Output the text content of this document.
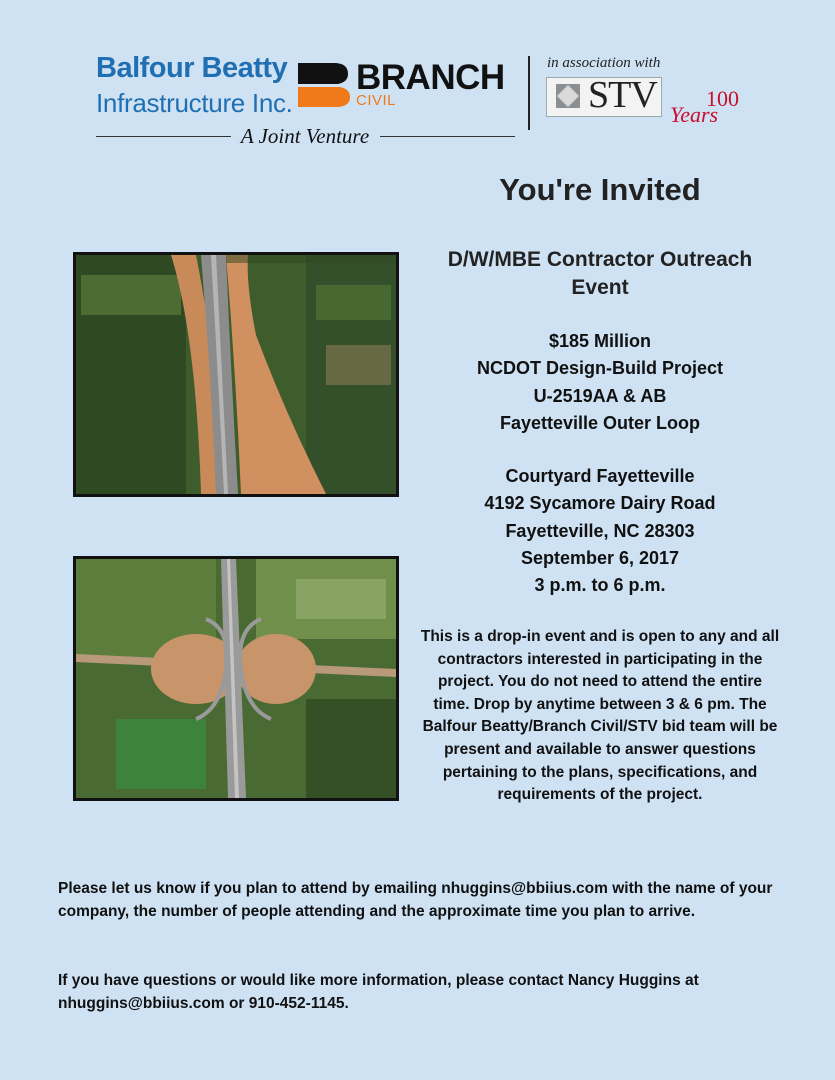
Balfour Beatty
Infrastructure Inc.
A Joint Venture
BRANCH
CIVIL
in association with
STV 100
Years
You're Invited
D/W/MBE Contractor Outreach Event
$185 Million
NCDOT Design-Build Project
U-2519AA & AB
Fayetteville Outer Loop
Courtyard Fayetteville
4192 Sycamore Dairy Road
Fayetteville, NC 28303
September 6, 2017
3 p.m. to 6 p.m.
This is a drop-in event and is open to any and all contractors interested in participating in the project. You do not need to attend the entire time. Drop by anytime between 3 & 6 pm. The Balfour Beatty/Branch Civil/STV bid team will be present and available to answer questions pertaining to the plans, specifications, and requirements of the project.
Please let us know if you plan to attend by emailing nhuggins@bbiius.com with the name of your company, the number of people attending and the approximate time you plan to arrive.
If you have questions or would like more information, please contact Nancy Huggins at nhuggins@bbiius.com or 910-452-1145.
